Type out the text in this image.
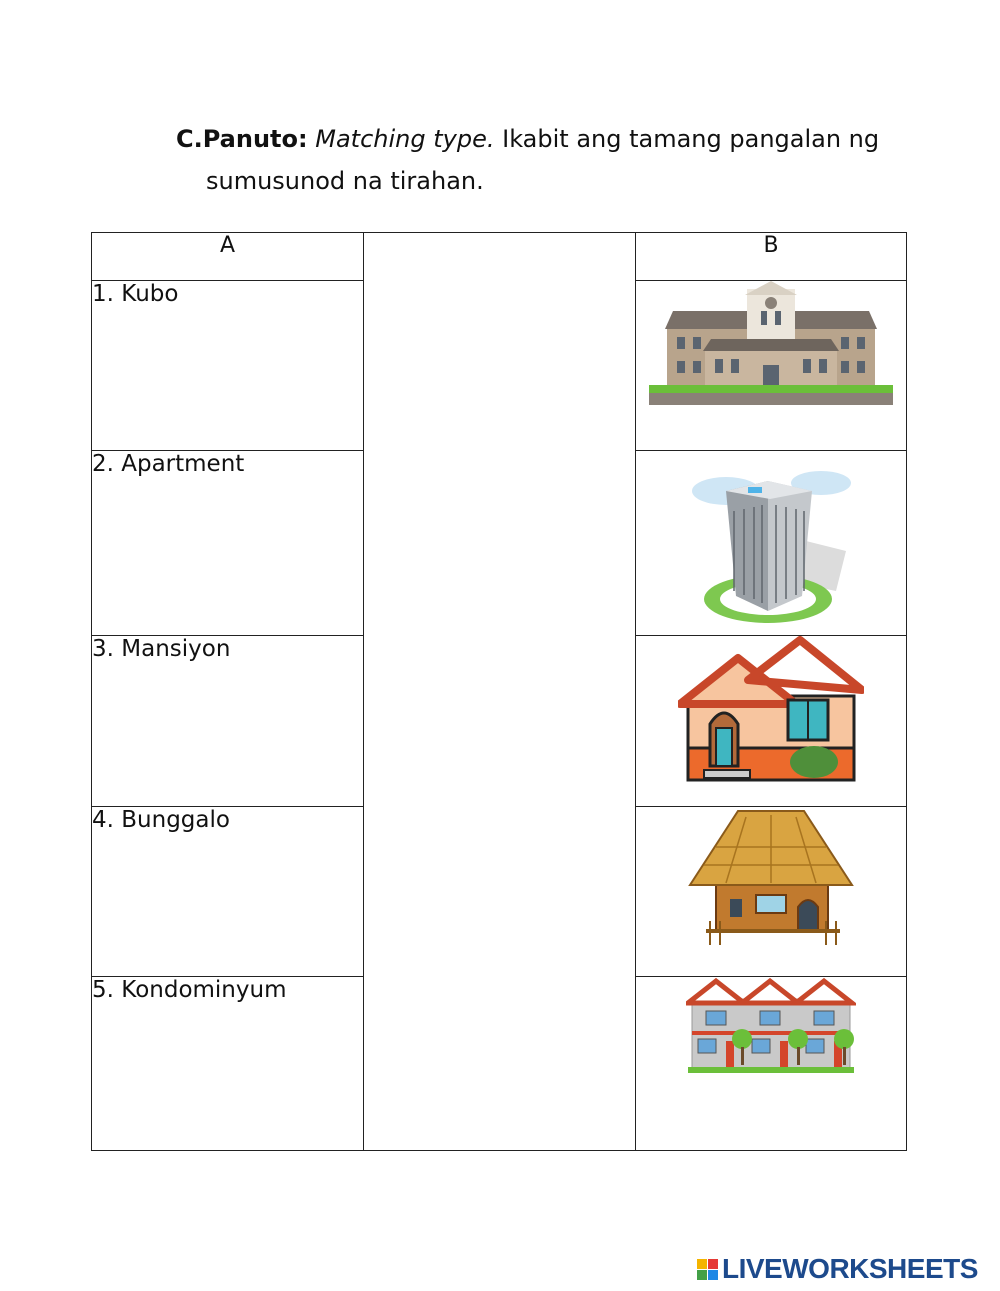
C.Panuto: Matching type. Ikabit ang tamang pangalan ng
sumusunod na tirahan.
A		B
1. Kubo	
2. Apartment	
3. Mansiyon	
4. Bunggalo	
5. Kondominyum	
LIVEWORKSHEETS
